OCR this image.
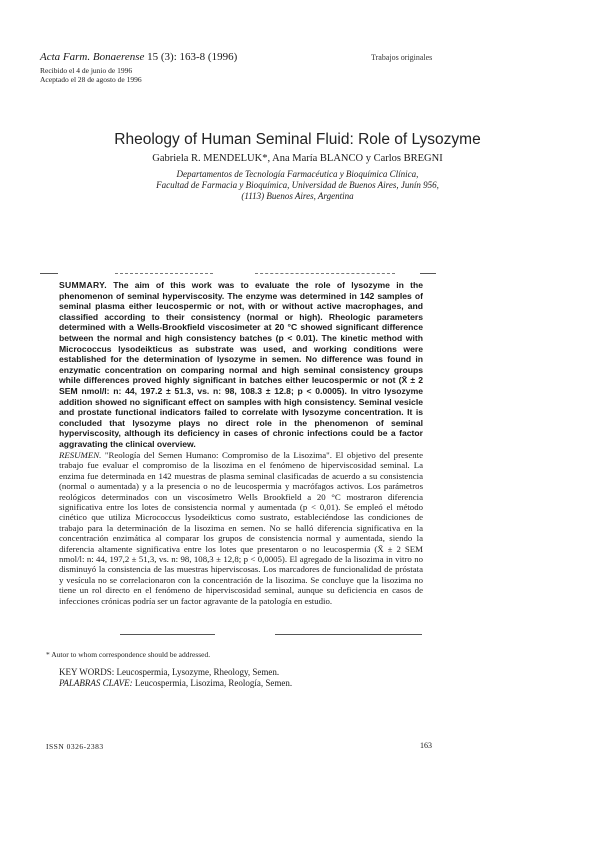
Acta Farm. Bonaerense 15 (3): 163-8 (1996)	Trabajos originales
Recibido el 4 de junio de 1996
Aceptado el 28 de agosto de 1996
Rheology of Human Seminal Fluid: Role of Lysozyme
Gabriela R. MENDELUK*, Ana María BLANCO y Carlos BREGNI
Departamentos de Tecnología Farmacéutica y Bioquímica Clínica,
Facultad de Farmacia y Bioquímica, Universidad de Buenos Aires, Junín 956,
(1113) Buenos Aires, Argentina
SUMMARY. The aim of this work was to evaluate the role of lysozyme in the phenomenon of seminal hyperviscosity. The enzyme was determined in 142 samples of seminal plasma either leucospermic or not, with or without active macrophages, and classified according to their consistency (normal or high). Rheologic parameters determined with a Wells-Brookfield viscosimeter at 20 °C showed significant difference between the normal and high consistency batches (p < 0.01). The kinetic method with Micrococcus lysodeikticus as substrate was used, and working conditions were established for the determination of lysozyme in semen. No difference was found in enzymatic concentration on comparing normal and high seminal consistency groups while differences proved highly significant in batches either leucospermic or not (X̄ ± 2 SEM nmol/l: n: 44, 197.2 ± 51.3, vs. n: 98, 108.3 ± 12.8; p < 0.0005). In vitro lysozyme addition showed no significant effect on samples with high consistency. Seminal vesicle and prostate functional indicators failed to correlate with lysozyme concentration. It is concluded that lysozyme plays no direct role in the phenomenon of seminal hyperviscosity, although its deficiency in cases of chronic infections could be a factor aggravating the clinical overview.
RESUMEN. "Reología del Semen Humano: Compromiso de la Lisozima". El objetivo del presente trabajo fue evaluar el compromiso de la lisozima en el fenómeno de hiperviscosidad seminal. La enzima fue determinada en 142 muestras de plasma seminal clasificadas de acuerdo a su consistencia (normal o aumentada) y a la presencia o no de leucospermia y macrófagos activos. Los parámetros reológicos determinados con un viscosímetro Wells Brookfield a 20 °C mostraron diferencia significativa entre los lotes de consistencia normal y aumentada (p < 0,01). Se empleó el método cinético que utiliza Micrococcus lysodeikticus como sustrato, estableciéndose las condiciones de trabajo para la determinación de la lisozima en semen. No se halló diferencia significativa en la concentración enzimática al comparar los grupos de consistencia normal y aumentada, siendo la diferencia altamente significativa entre los lotes que presentaron o no leucospermia (X̄ ± 2 SEM nmol/l: n: 44, 197,2 ± 51,3, vs. n: 98, 108,3 ± 12,8; p < 0,0005). El agregado de la lisozima in vitro no disminuyó la consistencia de las muestras hiperviscosas. Los marcadores de funcionalidad de próstata y vesícula no se correlacionaron con la concentración de la lisozima. Se concluye que la lisozima no tiene un rol directo en el fenómeno de hiperviscosidad seminal, aunque su deficiencia en casos de infecciones crónicas podría ser un factor agravante de la patología en estudio.
* Autor to whom correspondence should be addressed.
KEY WORDS: Leucospermia, Lysozyme, Rheology, Semen.
PALABRAS CLAVE: Leucospermia, Lisozima, Reología, Semen.
ISSN 0326-2383	163
